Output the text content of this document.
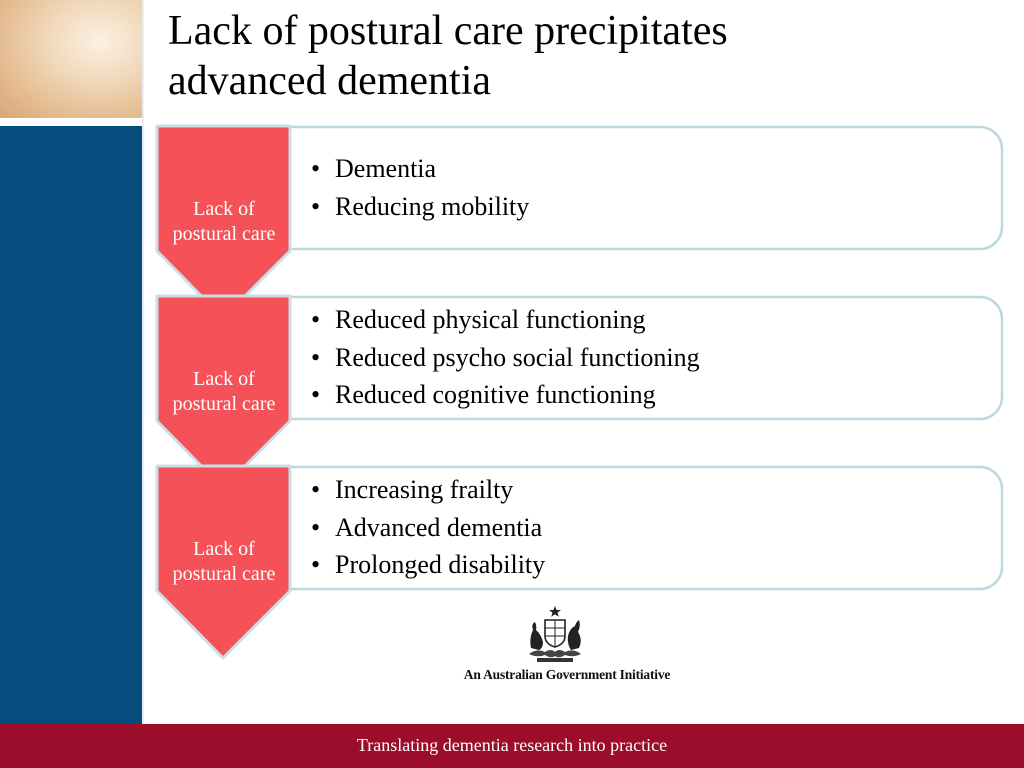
Lack of postural care precipitates
advanced dementia
Lack of
postural care
Lack of
postural care
Lack of
postural care
• Dementia
• Reducing mobility
• Reduced physical functioning
• Reduced psycho social functioning
• Reduced cognitive functioning
• Increasing frailty
• Advanced dementia
• Prolonged disability
An Australian Government Initiative
Translating dementia research into practice
